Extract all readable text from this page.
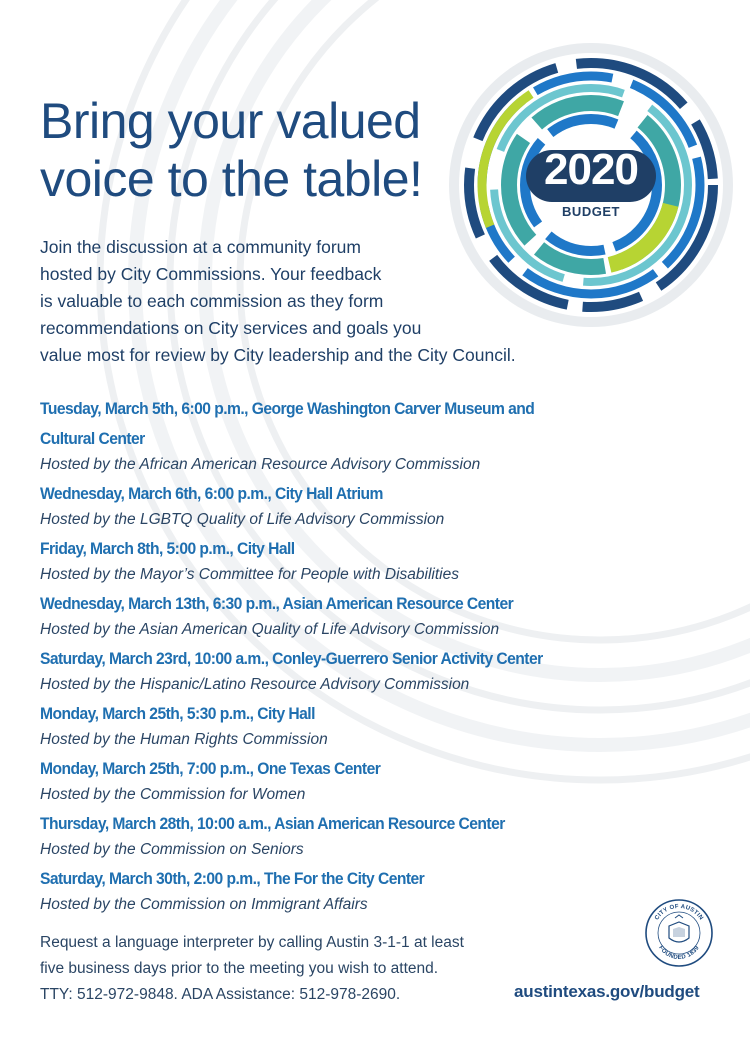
Bring your valued
voice to the table!	2020
BUDGET
Join the discussion at a community forum
hosted by City Commissions. Your feedback
is valuable to each commission as they form
recommendations on City services and goals you
value most for review by City leadership and the City Council.
Tuesday, March 5th, 6:00 p.m., George Washington Carver Museum and Cultural Center
Hosted by the African American Resource Advisory Commission
Wednesday, March 6th, 6:00 p.m., City Hall Atrium
Hosted by the LGBTQ Quality of Life Advisory Commission
Friday, March 8th, 5:00 p.m., City Hall
Hosted by the Mayor’s Committee for People with Disabilities
Wednesday, March 13th, 6:30 p.m., Asian American Resource Center
Hosted by the Asian American Quality of Life Advisory Commission
Saturday, March 23rd, 10:00 a.m., Conley-Guerrero Senior Activity Center
Hosted by the Hispanic/Latino Resource Advisory Commission
Monday, March 25th, 5:30 p.m., City Hall
Hosted by the Human Rights Commission
Monday, March 25th, 7:00 p.m., One Texas Center
Hosted by the Commission for Women
Thursday, March 28th, 10:00 a.m., Asian American Resource Center
Hosted by the Commission on Seniors
Saturday, March 30th, 2:00 p.m., The For the City Center
Hosted by the Commission on Immigrant Affairs
Request a language interpreter by calling Austin 3-1-1 at least
five business days prior to the meeting you wish to attend.
TTY: 512-972-9848. ADA Assistance: 512-978-2690.
CITY OF AUSTIN
FOUNDED 1839
austintexas.gov/budget
